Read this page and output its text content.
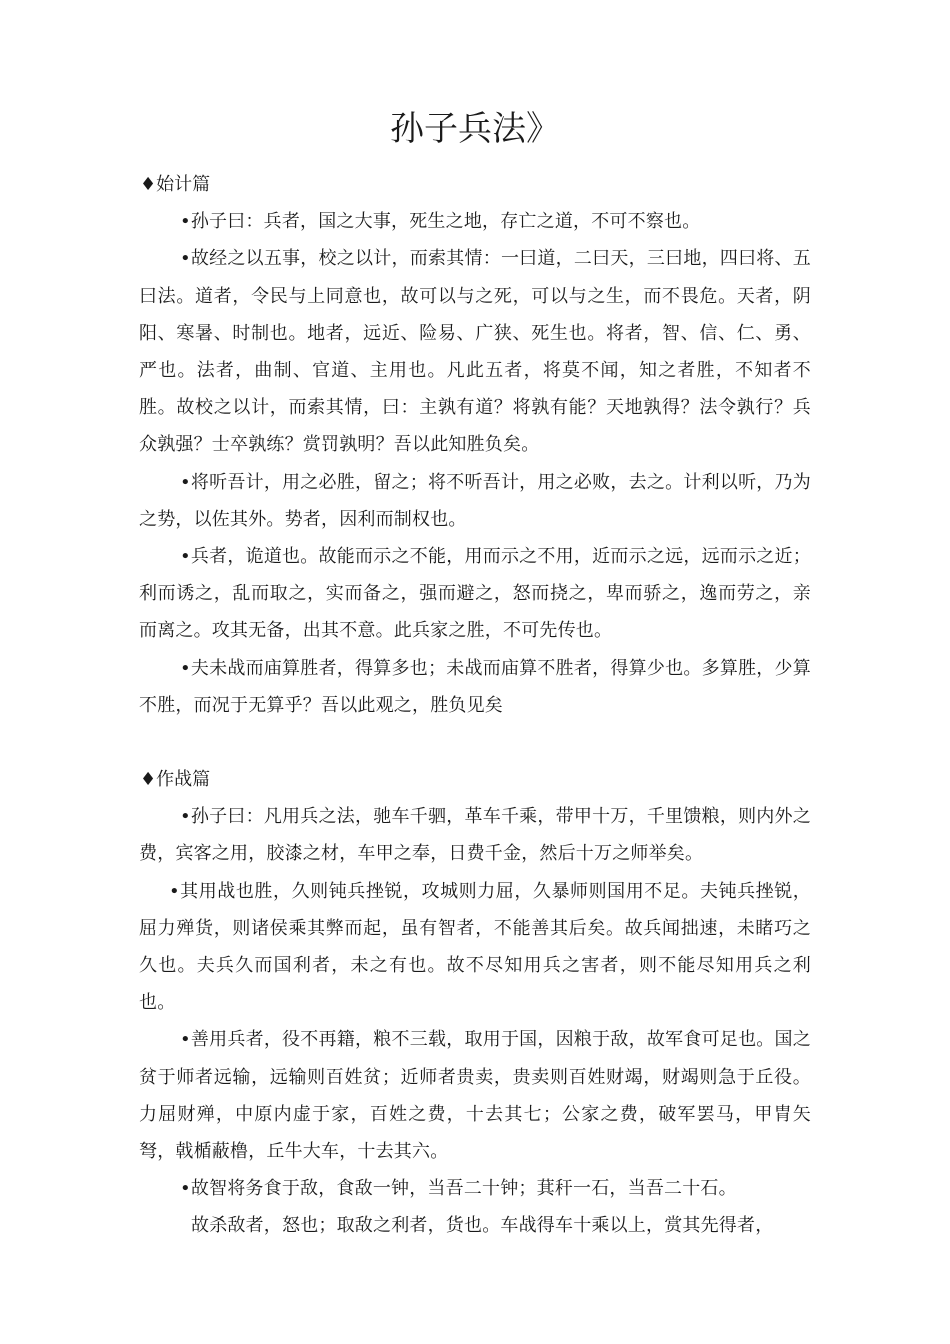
孙子兵法》
♦始计篇

•孙子曰：兵者，国之大事，死生之地，存亡之道，不可不察也。

•故经之以五事，校之以计，而索其情：一曰道，二曰天，三曰地，四曰将、五曰法。道者，令民与上同意也，故可以与之死，可以与之生，而不畏危。天者，阴阳、寒暑、时制也。地者，远近、险易、广狭、死生也。将者，智、信、仁、勇、严也。法者，曲制、官道、主用也。凡此五者，将莫不闻，知之者胜，不知者不胜。故校之以计，而索其情，曰：主孰有道？将孰有能？天地孰得？法令孰行？兵众孰强？士卒孰练？赏罚孰明？吾以此知胜负矣。

•将听吾计，用之必胜，留之；将不听吾计，用之必败，去之。计利以听，乃为之势，以佐其外。势者，因利而制权也。

•兵者，诡道也。故能而示之不能，用而示之不用，近而示之远，远而示之近；利而诱之，乱而取之，实而备之，强而避之，怒而挠之，卑而骄之，逸而劳之，亲而离之。攻其无备，出其不意。此兵家之胜，不可先传也。

•夫未战而庙算胜者，得算多也；未战而庙算不胜者，得算少也。多算胜，少算不胜，而况于无算乎？吾以此观之，胜负见矣

♦作战篇

•孙子曰：凡用兵之法，驰车千驷，革车千乘，带甲十万，千里馈粮，则内外之费，宾客之用，胶漆之材，车甲之奉，日费千金，然后十万之师举矣。

•其用战也胜，久则钝兵挫锐，攻城则力屈，久暴师则国用不足。夫钝兵挫锐，屈力殚货，则诸侯乘其弊而起，虽有智者，不能善其后矣。故兵闻拙速，未睹巧之久也。夫兵久而国利者，未之有也。故不尽知用兵之害者，则不能尽知用兵之利也。

•善用兵者，役不再籍，粮不三载，取用于国，因粮于敌，故军食可足也。国之贫于师者远输，远输则百姓贫；近师者贵卖，贵卖则百姓财竭，财竭则急于丘役。力屈财殚，中原内虚于家，百姓之费，十去其七；公家之费，破军罢马，甲胄矢弩，戟楯蔽橹，丘牛大车，十去其六。

•故智将务食于敌，食敌一钟，当吾二十钟；萁秆一石，当吾二十石。

故杀敌者，怒也；取敌之利者，货也。车战得车十乘以上，赏其先得者，
